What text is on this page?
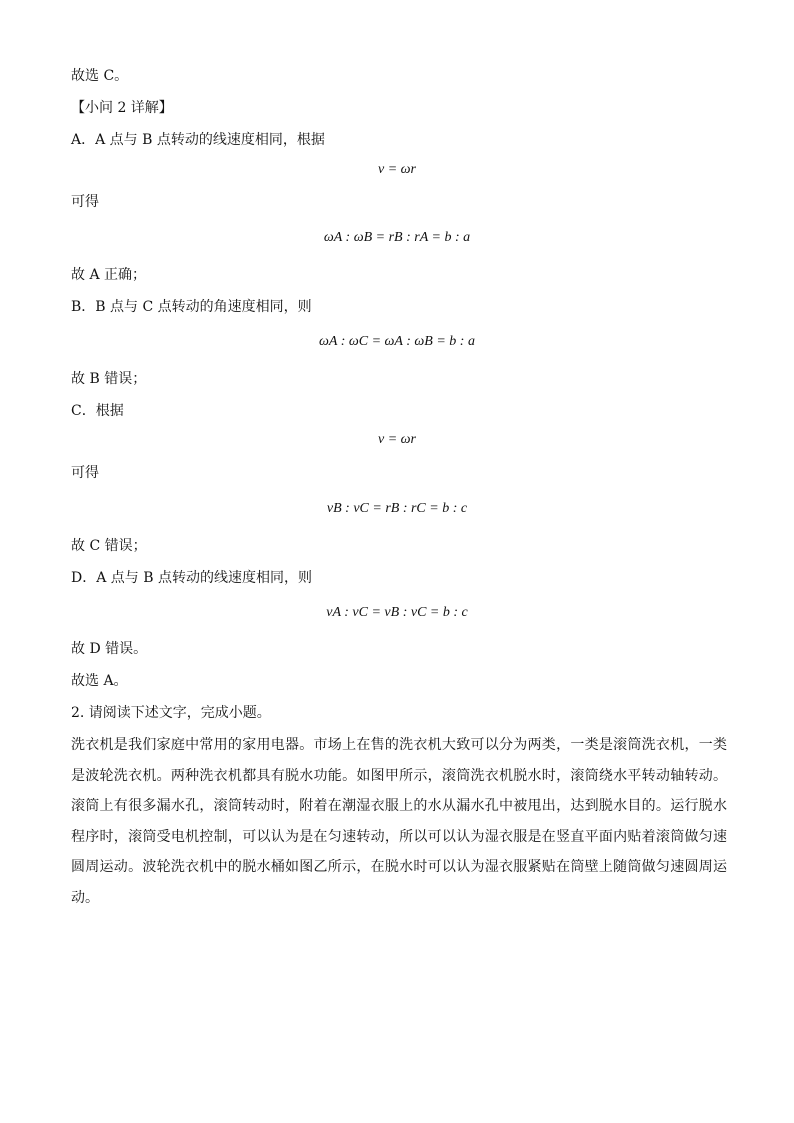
故选 C。
【小问 2 详解】
A．A 点与 B 点转动的线速度相同，根据
v = ωr
可得
ωA : ωB = rB : rA = b : a
故 A 正确；
B．B 点与 C 点转动的角速度相同，则
ωA : ωC = ωA : ωB = b : a
故 B 错误；
C．根据
v = ωr
可得
vB : vC = rB : rC = b : c
故 C 错误；
D．A 点与 B 点转动的线速度相同，则
vA : vC = vB : vC = b : c
故 D 错误。
故选 A。
2. 请阅读下述文字，完成小题。
洗衣机是我们家庭中常用的家用电器。市场上在售的洗衣机大致可以分为两类，一类是滚筒洗衣机，一类是波轮洗衣机。两种洗衣机都具有脱水功能。如图甲所示，滚筒洗衣机脱水时，滚筒绕水平转动轴转动。滚筒上有很多漏水孔，滚筒转动时，附着在潮湿衣服上的水从漏水孔中被甩出，达到脱水目的。运行脱水程序时，滚筒受电机控制，可以认为是在匀速转动，所以可以认为湿衣服是在竖直平面内贴着滚筒做匀速圆周运动。波轮洗衣机中的脱水桶如图乙所示，在脱水时可以认为湿衣服紧贴在筒壁上随筒做匀速圆周运动。
